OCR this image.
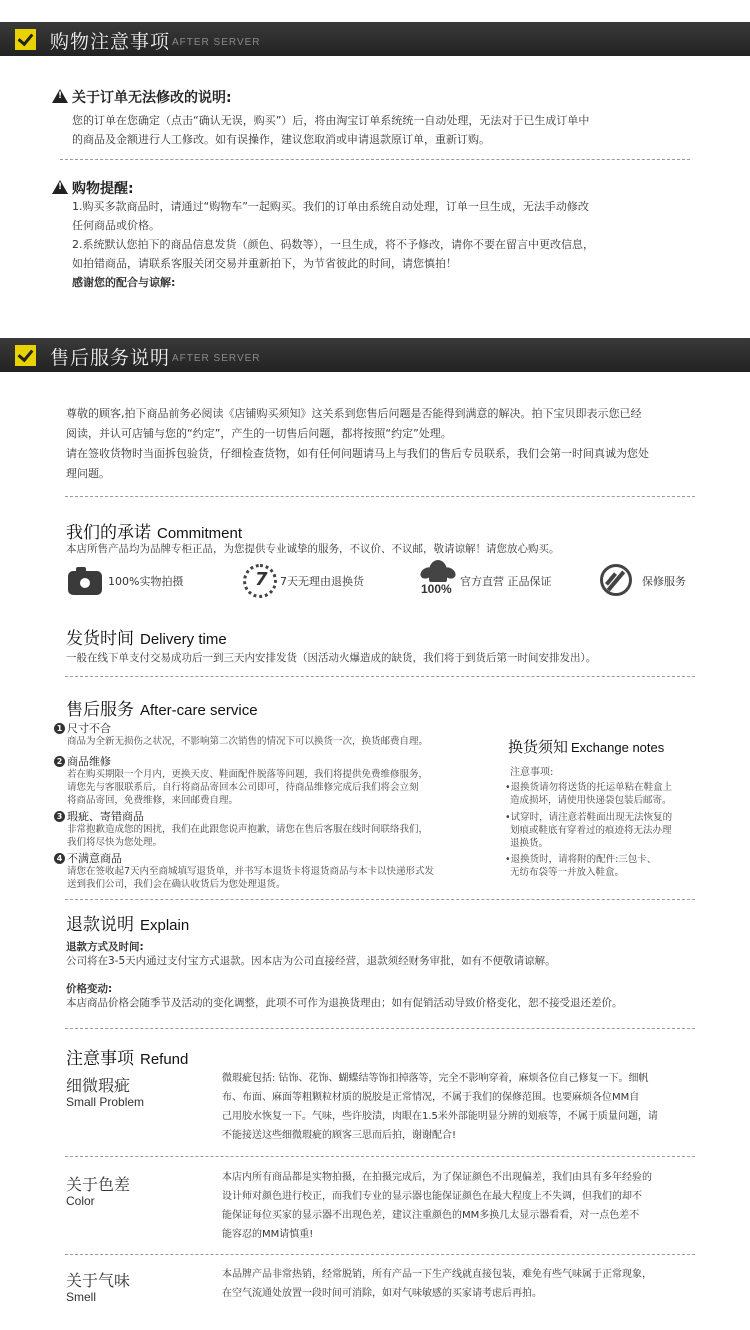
购物注意事项 AFTER SERVER
!
关于订单无法修改的说明:
您的订单在您确定（点击“确认无误，购买”）后，将由淘宝订单系统统一自动处理，无法对于已生成订单中
的商品及金额进行人工修改。如有误操作，建议您取消或申请退款原订单，重新订购。
!
购物提醒:
1.购买多款商品时，请通过“购物车”一起购买。我们的订单由系统自动处理，订单一旦生成，无法手动修改
任何商品或价格。
2.系统默认您拍下的商品信息发货（颜色、码数等），一旦生成，将不予修改，请你不要在留言中更改信息，
如拍错商品，请联系客服关闭交易并重新拍下，为节省彼此的时间，请您慎拍！
感谢您的配合与谅解:
售后服务说明 AFTER SERVER
尊敬的顾客,拍下商品前务必阅读《店铺购买须知》这关系到您售后问题是否能得到满意的解决。拍下宝贝即表示您已经
阅读，并认可店铺与您的“约定”，产生的一切售后问题，都将按照“约定”处理。
请在签收货物时当面拆包验货，仔细检查货物，如有任何问题请马上与我们的售后专员联系，我们会第一时间真诚为您处
理问题。
我们的承诺 Commitment
本店所售产品均为品牌专柜正品，为您提供专业诚挚的服务，不议价、不议邮，敬请谅解！请您放心购买。
100%实物拍摄	7 7天无理由退换货
100%
官方直营 正品保证	保修服务
发货时间 Delivery time
一般在线下单支付交易成功后一到三天内安排发货（因活动火爆造成的缺货，我们将于到货后第一时间安排发出）。
售后服务 After-care service
1 尺寸不合
商品为全新无损伤之状况，不影响第二次销售的情况下可以换货一次，换货邮费自理。
2 商品维修
若在购买期限一个月内，更换天皮、鞋面配件脱落等问题，我们将提供免费维修服务，
请您先与客服联系后，自行将商品寄回本公司即可，待商品维修完成后我们将会立刻
将商品寄回，免费维修，来回邮费自理。
3 瑕疵、寄错商品
非常抱歉造成您的困扰，我们在此跟您说声抱歉，请您在售后客服在线时间联络我们，
我们将尽快为您处理。
4 不满意商品
请您在签收起7天内至商城填写退货单，并书写本退货卡将退货商品与本卡以快递形式发
送到我们公司，我们会在确认收货后为您处理退货。
换货须知 Exchange notes
注意事项:
•退换货请勿将送货的托运单粘在鞋盒上
造成损坏，请使用快递袋包装后邮寄。
•试穿时，请注意若鞋面出现无法恢复的
划痕或鞋底有穿着过的痕迹将无法办理
退换货。
•退换货时，请将附的配件:三包卡、
无纺布袋等一并放入鞋盒。
退款说明 Explain
退款方式及时间:
公司将在3-5天内通过支付宝方式退款。因本店为公司直接经营，退款须经财务审批，如有不便敬请谅解。
价格变动:
本店商品价格会随季节及活动的变化调整，此项不可作为退换货理由；如有促销活动导致价格变化，恕不接受退还差价。
注意事项 Refund
细微瑕疵
Small Problem
微瑕疵包括: 钻饰、花饰、蝴蝶结等饰扣掉落等，完全不影响穿着，麻烦各位自己修复一下。细帆
布、布面、麻面等粗颗粒材质的脱胶是正常情况，不属于我们的保修范围。也要麻烦各位MM自
己用胶水恢复一下。气味，些许胶渍，肉眼在1.5米外部能明显分辨的划痕等，不属于质量问题，请
不能接送这些细微瑕疵的顾客三思而后拍，谢谢配合!
关于色差
Color
本店内所有商品都是实物拍摄，在拍摄完成后，为了保证颜色不出现偏差，我们由具有多年经验的
设计师对颜色进行校正，而我们专业的显示器也能保证颜色在最大程度上不失调，但我们的却不
能保证每位买家的显示器不出现色差，建议注重颜色的MM多换几太显示器看看，对一点色差不
能容忍的MM请慎重!
关于气味
Smell
本品牌产品非常热销，经常脱销，所有产品一下生产线就直接包装，难免有些气味属于正常现象，
在空气流通处放置一段时间可消除，如对气味敏感的买家请考虑后再拍。
